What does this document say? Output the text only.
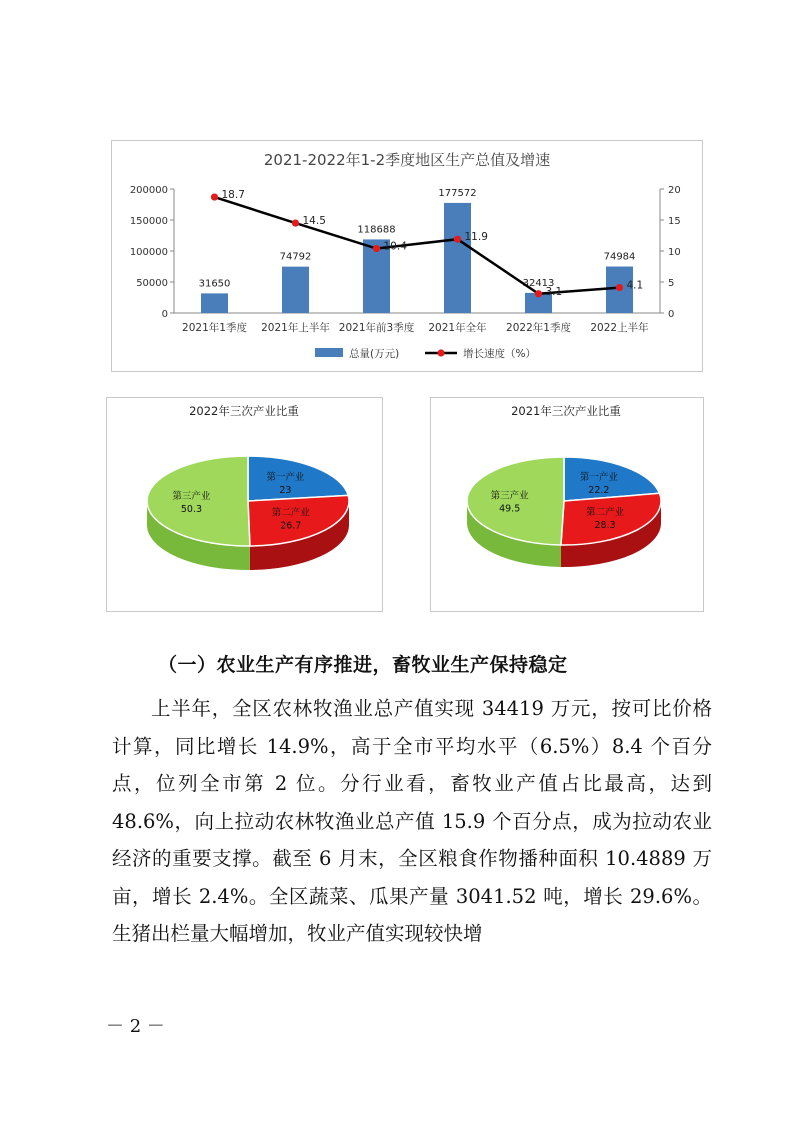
2021-2022年1-2季度地区生产总值及增速
0
50000
100000
150000
200000
0
5
10
15
20
31650
74792
118688
177572
32413
74984
2021年1季度 2021年上半年 2021年前3季度 2021年全年 2022年1季度 2022上半年
18.7
14.5
10.4
11.9
3.1
4.1
总量(万元)	增长速度（%）
2022年三次产业比重
第一产业
23
第二产业
26.7
第三产业
50.3
2021年三次产业比重
第一产业
22.2
第二产业
28.3
第三产业
49.5
（一）农业生产有序推进，畜牧业生产保持稳定

上半年，全区农林牧渔业总产值实现 34419 万元，按可比价格计算，同比增长 14.9%，高于全市平均水平（6.5%）8.4 个百分点，位列全市第 2 位。分行业看，畜牧业产值占比最高，达到 48.6%，向上拉动农林牧渔业总产值 15.9 个百分点，成为拉动农业经济的重要支撑。截至 6 月末，全区粮食作物播种面积 10.4889 万亩，增长 2.4%。全区蔬菜、瓜果产量 3041.52 吨，增长 29.6%。生猪出栏量大幅增加，牧业产值实现较快增

－ 2 －
